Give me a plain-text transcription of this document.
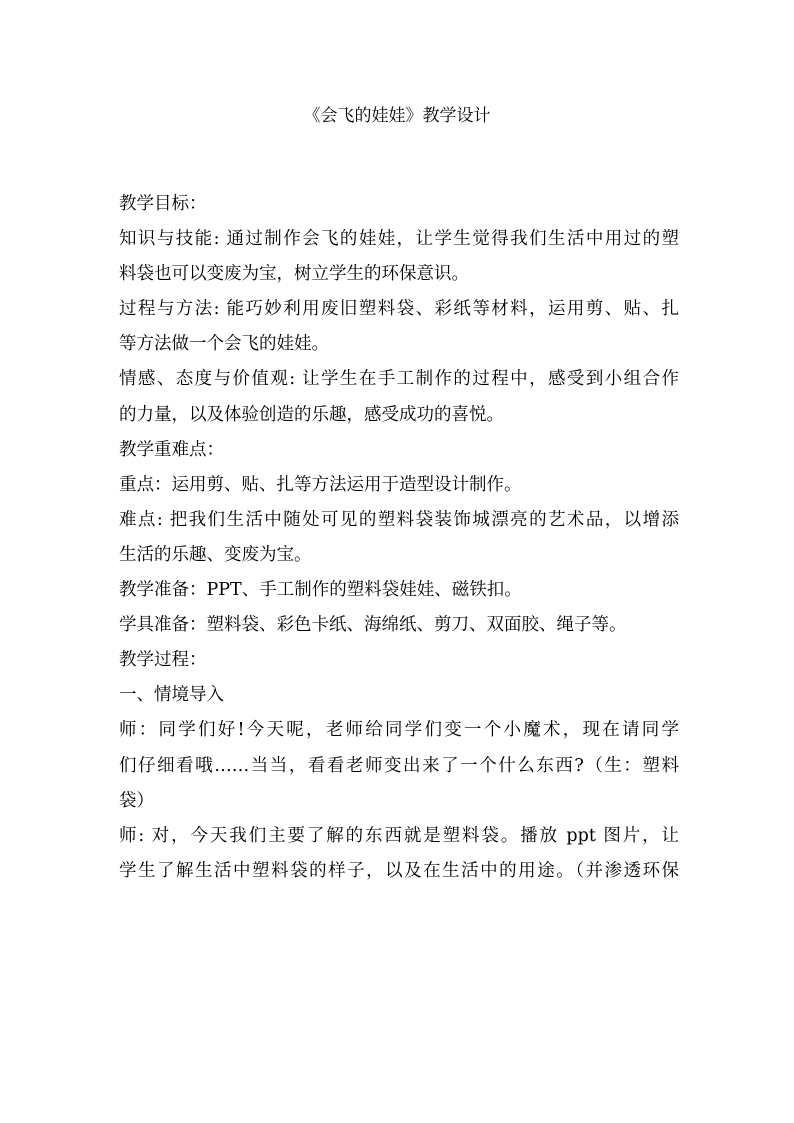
《会飞的娃娃》教学设计
教学目标：
知识与技能: 通过制作会飞的娃娃，让学生觉得我们生活中用过的塑
料袋也可以变废为宝，树立学生的环保意识。
过程与方法: 能巧妙利用废旧塑料袋、彩纸等材料，运用剪、贴、扎
等方法做一个会飞的娃娃。
情感、态度与价值观: 让学生在手工制作的过程中，感受到小组合作
的力量，以及体验创造的乐趣，感受成功的喜悦。
教学重难点：
重点：运用剪、贴、扎等方法运用于造型设计制作。
难点: 把我们生活中随处可见的塑料袋装饰城漂亮的艺术品，以增添
生活的乐趣、变废为宝。
教学准备：PPT、手工制作的塑料袋娃娃、磁铁扣。
学具准备：塑料袋、彩色卡纸、海绵纸、剪刀、双面胶、绳子等。
教学过程：
一、情境导入
师：同学们好!今天呢，老师给同学们变一个小魔术，现在请同学
们仔细看哦……当当，看看老师变出来了一个什么东西?（生：塑料
袋）
师: 对，今天我们主要了解的东西就是塑料袋。播放 ppt 图片，让
学生了解生活中塑料袋的样子，以及在生活中的用途。（并渗透环保
